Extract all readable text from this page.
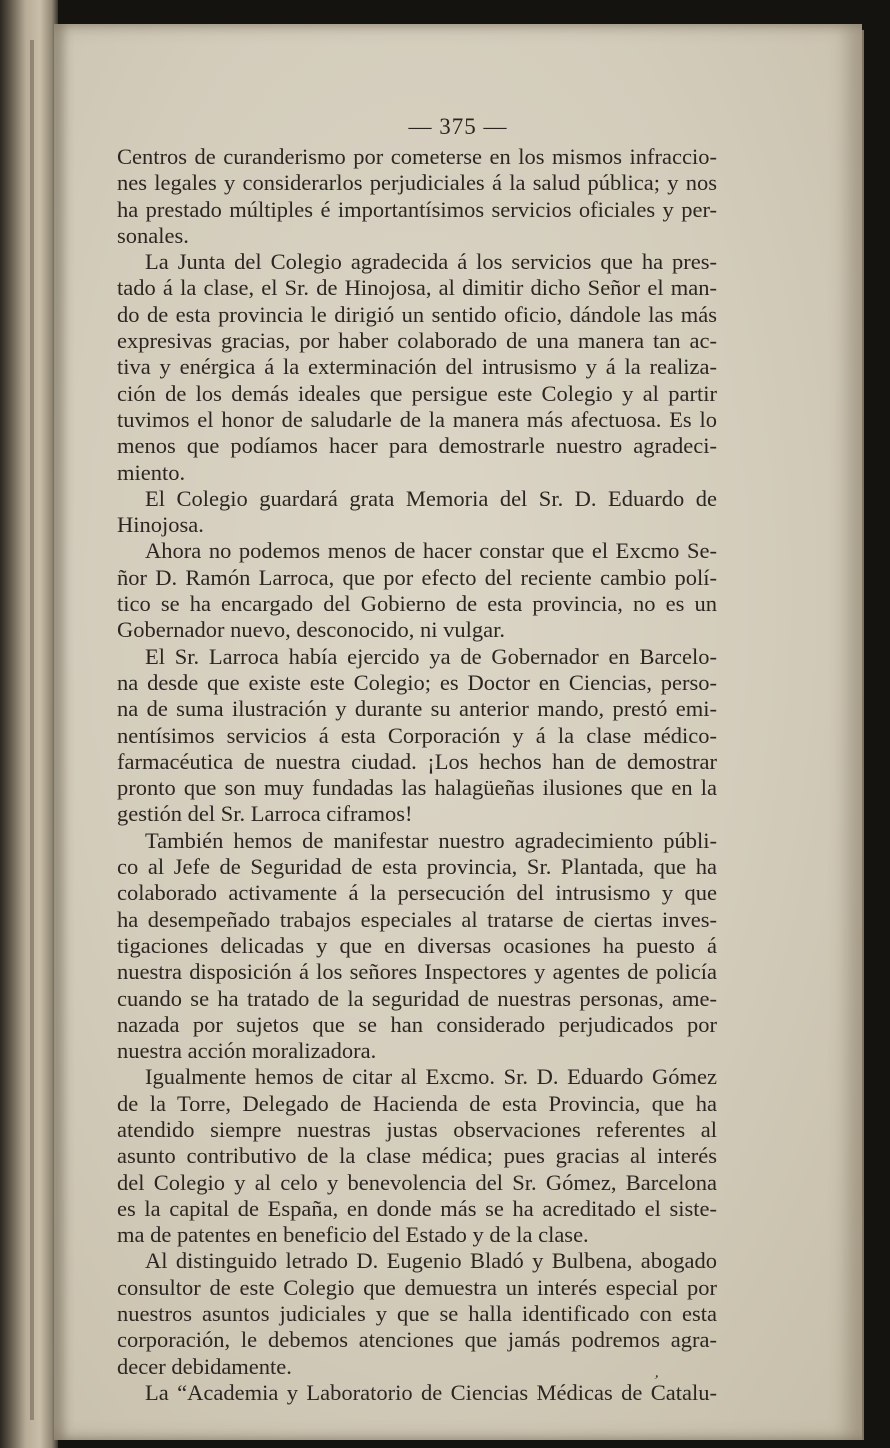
— 375 —
Centros de curanderismo por cometerse en los mismos infraccio-
nes legales y considerarlos perjudiciales á la salud pública; y nos
ha prestado múltiples é importantísimos servicios oficiales y per-
sonales.
La Junta del Colegio agradecida á los servicios que ha pres-
tado á la clase, el Sr. de Hinojosa, al dimitir dicho Señor el man-
do de esta provincia le dirigió un sentido oficio, dándole las más
expresivas gracias, por haber colaborado de una manera tan ac-
tiva y enérgica á la exterminación del intrusismo y á la realiza-
ción de los demás ideales que persigue este Colegio y al partir
tuvimos el honor de saludarle de la manera más afectuosa. Es lo
menos que podíamos hacer para demostrarle nuestro agradeci-
miento.
El Colegio guardará grata Memoria del Sr. D. Eduardo de
Hinojosa.
Ahora no podemos menos de hacer constar que el Excmo Se-
ñor D. Ramón Larroca, que por efecto del reciente cambio polí-
tico se ha encargado del Gobierno de esta provincia, no es un
Gobernador nuevo, desconocido, ni vulgar.
El Sr. Larroca había ejercido ya de Gobernador en Barcelo-
na desde que existe este Colegio; es Doctor en Ciencias, perso-
na de suma ilustración y durante su anterior mando, prestó emi-
nentísimos servicios á esta Corporación y á la clase médico-
farmacéutica de nuestra ciudad. ¡Los hechos han de demostrar
pronto que son muy fundadas las halagüeñas ilusiones que en la
gestión del Sr. Larroca ciframos!
También hemos de manifestar nuestro agradecimiento públi-
co al Jefe de Seguridad de esta provincia, Sr. Plantada, que ha
colaborado activamente á la persecución del intrusismo y que
ha desempeñado trabajos especiales al tratarse de ciertas inves-
tigaciones delicadas y que en diversas ocasiones ha puesto á
nuestra disposición á los señores Inspectores y agentes de policía
cuando se ha tratado de la seguridad de nuestras personas, ame-
nazada por sujetos que se han considerado perjudicados por
nuestra acción moralizadora.
Igualmente hemos de citar al Excmo. Sr. D. Eduardo Gómez
de la Torre, Delegado de Hacienda de esta Provincia, que ha
atendido siempre nuestras justas observaciones referentes al
asunto contributivo de la clase médica; pues gracias al interés
del Colegio y al celo y benevolencia del Sr. Gómez, Barcelona
es la capital de España, en donde más se ha acreditado el siste-
ma de patentes en beneficio del Estado y de la clase.
Al distinguido letrado D. Eugenio Bladó y Bulbena, abogado
consultor de este Colegio que demuestra un interés especial por
nuestros asuntos judiciales y que se halla identificado con esta
corporación, le debemos atenciones que jamás podremos agra-
decer debidamente.
La “Academia y Laboratorio de Ciencias Médicas de Catalu-
,
